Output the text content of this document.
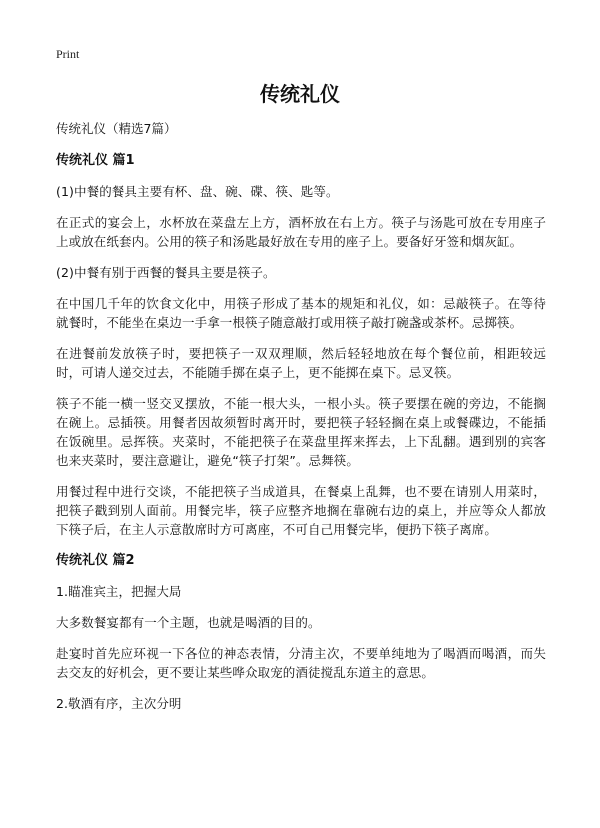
Print
传统礼仪

传统礼仪（精选7篇）

传统礼仪 篇1

(1)中餐的餐具主要有杯、盘、碗、碟、筷、匙等。

在正式的宴会上，水杯放在菜盘左上方，酒杯放在右上方。筷子与汤匙可放在专用座子上或放在纸套内。公用的筷子和汤匙最好放在专用的座子上。要备好牙签和烟灰缸。

(2)中餐有别于西餐的餐具主要是筷子。

在中国几千年的饮食文化中，用筷子形成了基本的规矩和礼仪，如：忌敲筷子。在等待就餐时，不能坐在桌边一手拿一根筷子随意敲打或用筷子敲打碗盏或茶杯。忌掷筷。

在进餐前发放筷子时，要把筷子一双双理顺，然后轻轻地放在每个餐位前，相距较远时，可请人递交过去，不能随手掷在桌子上，更不能掷在桌下。忌叉筷。

筷子不能一横一竖交叉摆放，不能一根大头，一根小头。筷子要摆在碗的旁边，不能搁在碗上。忌插筷。用餐者因故须暂时离开时，要把筷子轻轻搁在桌上或餐碟边，不能插在饭碗里。忌挥筷。夹菜时，不能把筷子在菜盘里挥来挥去，上下乱翻。遇到别的宾客也来夹菜时，要注意避让，避免“筷子打架”。忌舞筷。

用餐过程中进行交谈，不能把筷子当成道具，在餐桌上乱舞，也不要在请别人用菜时，把筷子戳到别人面前。用餐完毕，筷子应整齐地搁在靠碗右边的桌上，并应等众人都放下筷子后，在主人示意散席时方可离座，不可自己用餐完毕，便扔下筷子离席。

传统礼仪 篇2

1.瞄准宾主，把握大局

大多数餐宴都有一个主题，也就是喝酒的目的。

赴宴时首先应环视一下各位的神态表情，分清主次，不要单纯地为了喝酒而喝酒，而失去交友的好机会，更不要让某些哗众取宠的酒徒搅乱东道主的意思。

2.敬酒有序，主次分明
